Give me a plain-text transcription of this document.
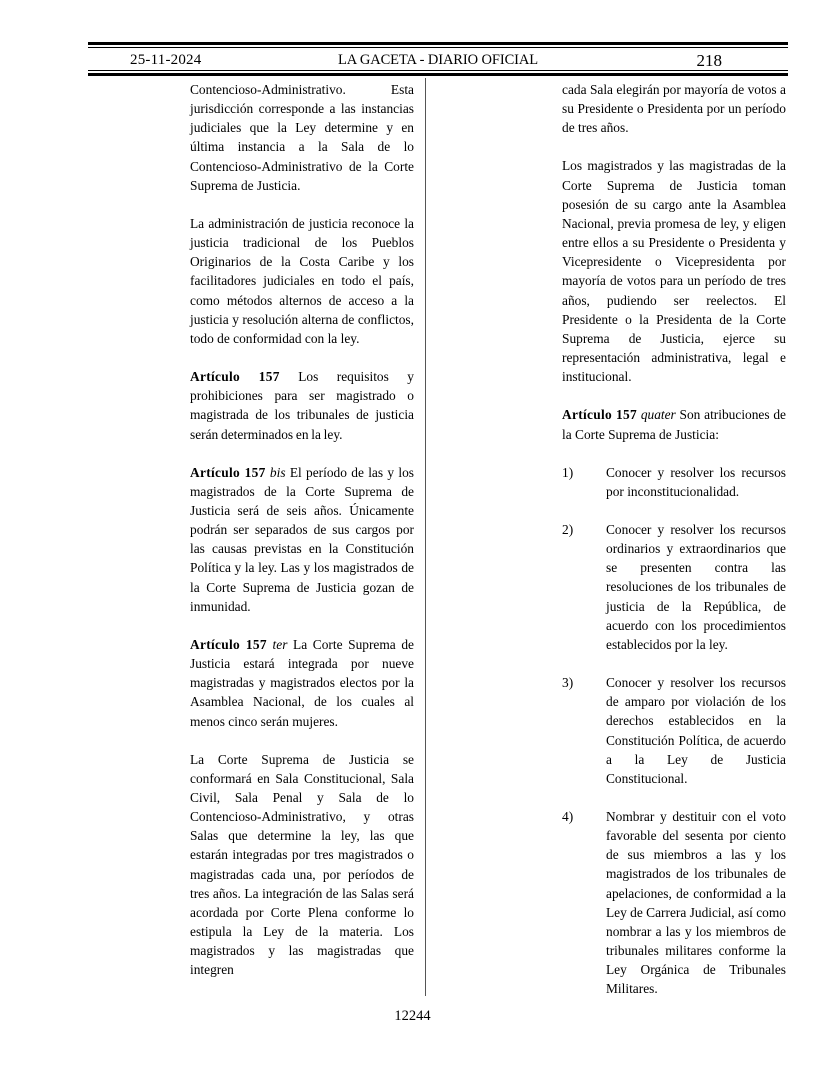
25-11-2024	LA GACETA - DIARIO OFICIAL	218

Contencioso-Administrativo. Esta jurisdicción corresponde a las instancias judiciales que la Ley determine y en última instancia a la Sala de lo Contencioso-Administrativo de la Corte Suprema de Justicia.

La administración de justicia reconoce la justicia tradicional de los Pueblos Originarios de la Costa Caribe y los facilitadores judiciales en todo el país, como métodos alternos de acceso a la justicia y resolución alterna de conflictos, todo de conformidad con la ley.

Artículo 157 Los requisitos y prohibiciones para ser magistrado o magistrada de los tribunales de justicia serán determinados en la ley.

Artículo 157 bis El período de las y los magistrados de la Corte Suprema de Justicia será de seis años. Únicamente podrán ser separados de sus cargos por las causas previstas en la Constitución Política y la ley. Las y los magistrados de la Corte Suprema de Justicia gozan de inmunidad.

Artículo 157 ter La Corte Suprema de Justicia estará integrada por nueve magistradas y magistrados electos por la Asamblea Nacional, de los cuales al menos cinco serán mujeres.

La Corte Suprema de Justicia se conformará en Sala Constitucional, Sala Civil, Sala Penal y Sala de lo Contencioso-Administrativo, y otras Salas que determine la ley, las que estarán integradas por tres magistrados o magistradas cada una, por períodos de tres años. La integración de las Salas será acordada por Corte Plena conforme lo estipula la Ley de la materia. Los magistrados y las magistradas que integren

cada Sala elegirán por mayoría de votos a su Presidente o Presidenta por un período de tres años.

Los magistrados y las magistradas de la Corte Suprema de Justicia toman posesión de su cargo ante la Asamblea Nacional, previa promesa de ley, y eligen entre ellos a su Presidente o Presidenta y Vicepresidente o Vicepresidenta por mayoría de votos para un período de tres años, pudiendo ser reelectos. El Presidente o la Presidenta de la Corte Suprema de Justicia, ejerce su representación administrativa, legal e institucional.

Artículo 157 quater Son atribuciones de la Corte Suprema de Justicia:

1)	Conocer y resolver los recursos por inconstitucionalidad.
2)	Conocer y resolver los recursos ordinarios y extraordinarios que se presenten contra las resoluciones de los tribunales de justicia de la República, de acuerdo con los procedimientos establecidos por la ley.
3)	Conocer y resolver los recursos de amparo por violación de los derechos establecidos en la Constitución Política, de acuerdo a la Ley de Justicia Constitucional.
4)	Nombrar y destituir con el voto favorable del sesenta por ciento de sus miembros a las y los magistrados de los tribunales de apelaciones, de conformidad a la Ley de Carrera Judicial, así como nombrar a las y los miembros de tribunales militares conforme la Ley Orgánica de Tribunales Militares.
12244
